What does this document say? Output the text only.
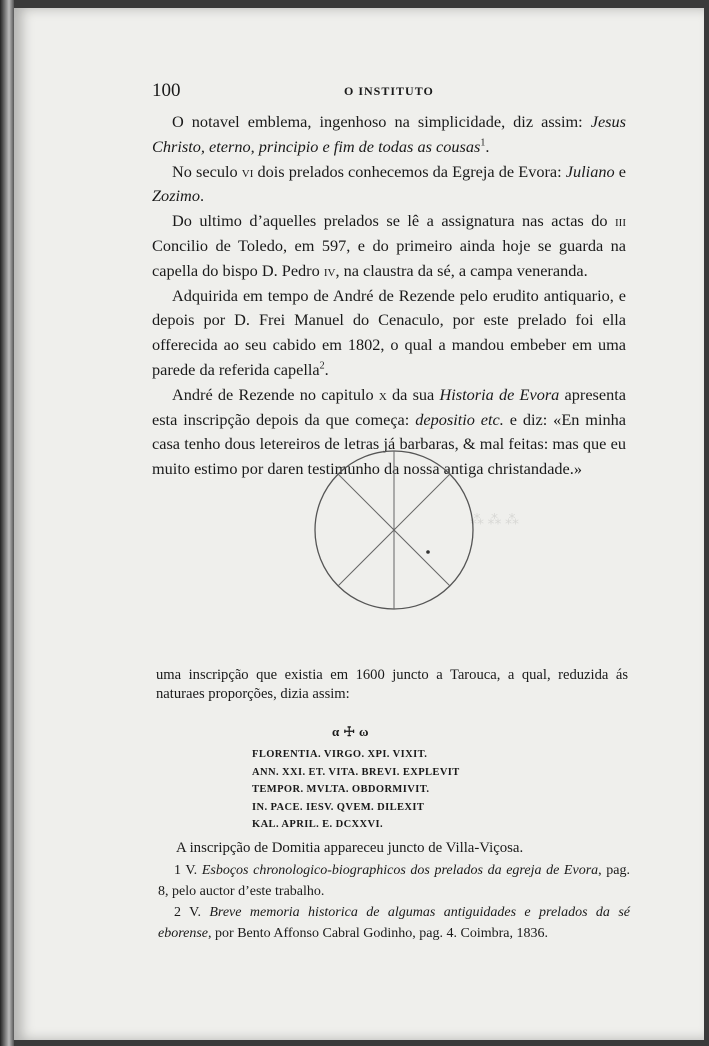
⁂ ⁂ ⁂
100	O INSTITUTO

O notavel emblema, ingenhoso na simplicidade, diz assim: Jesus Christo, eterno, principio e fim de todas as cousas$^1$.

No seculo vi dois prelados conhecemos da Egreja de Evora: Juliano e Zozimo.

Do ultimo d’aquelles prelados se lê a assignatura nas actas do iii Concilio de Toledo, em 597, e do primeiro ainda hoje se guarda na capella do bispo D. Pedro iv, na claustra da sé, a campa veneranda.

Adquirida em tempo de André de Rezende pelo erudito antiquario, e depois por D. Frei Manuel do Cenaculo, por este prelado foi ella offerecida ao seu cabido em 1802, o qual a mandou embeber em uma parede da referida capella$^2$.

André de Rezende no capitulo x da sua Historia de Evora apresenta esta inscripção depois da que começa: depositio etc. e diz: «En minha casa tenho dous letereiros de letras já barbaras, & mal feitas: mas que eu muito estimo por daren testimunho da nossa antiga christandade.»

uma inscripção que existia em 1600 juncto a Tarouca, a qual, reduzida ás naturaes proporções, dizia assim:
α ☩ ω
FLORENTIA. VIRGO. XPI. VIXIT.
ANN. XXI. ET. VITA. BREVI. EXPLEVIT
TEMPOR. MVLTA. OBDORMIVIT.
IN. PACE. IESV. QVEM. DILEXIT
KAL. APRIL. E. DCXXVI.
A inscripção de Domitia appareceu juncto de Villa-Viçosa.

1 V. Esboços chronologico-biographicos dos prelados da egreja de Evora, pag. 8, pelo auctor d’este trabalho.

2 V. Breve memoria historica de algumas antiguidades e prelados da sé eborense, por Bento Affonso Cabral Godinho, pag. 4. Coimbra, 1836.
